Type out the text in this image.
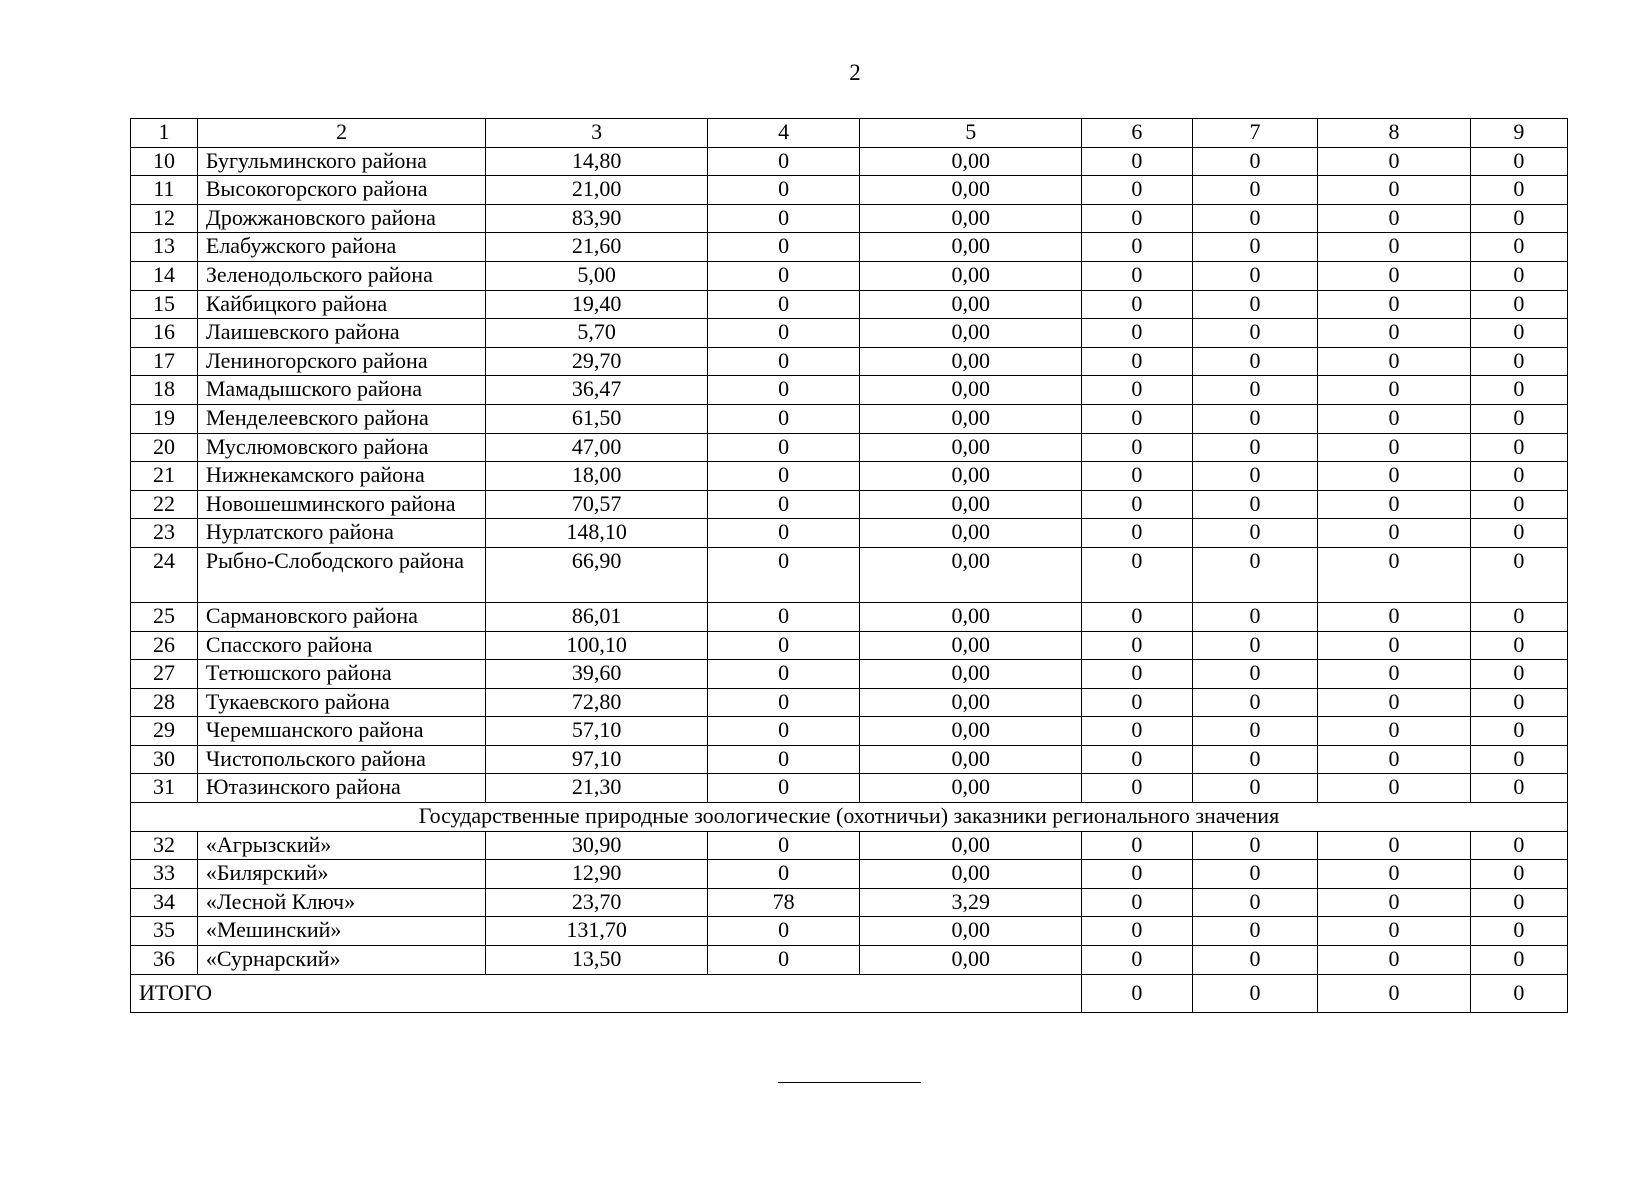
2
1	2	3	4	5	6	7	8	9
10	Бугульминского района	14,80	0	0,00	0	0	0	0
11	Высокогорского района	21,00	0	0,00	0	0	0	0
12	Дрожжановского района	83,90	0	0,00	0	0	0	0
13	Елабужского района	21,60	0	0,00	0	0	0	0
14	Зеленодольского района	5,00	0	0,00	0	0	0	0
15	Кайбицкого района	19,40	0	0,00	0	0	0	0
16	Лаишевского района	5,70	0	0,00	0	0	0	0
17	Лениногорского района	29,70	0	0,00	0	0	0	0
18	Мамадышского района	36,47	0	0,00	0	0	0	0
19	Менделеевского района	61,50	0	0,00	0	0	0	0
20	Муслюмовского района	47,00	0	0,00	0	0	0	0
21	Нижнекамского района	18,00	0	0,00	0	0	0	0
22	Новошешминского района	70,57	0	0,00	0	0	0	0
23	Нурлатского района	148,10	0	0,00	0	0	0	0
24	Рыбно-Слободского района	66,90	0	0,00	0	0	0	0
25	Сармановского района	86,01	0	0,00	0	0	0	0
26	Спасского района	100,10	0	0,00	0	0	0	0
27	Тетюшского района	39,60	0	0,00	0	0	0	0
28	Тукаевского района	72,80	0	0,00	0	0	0	0
29	Черемшанского района	57,10	0	0,00	0	0	0	0
30	Чистопольского района	97,10	0	0,00	0	0	0	0
31	Ютазинского района	21,30	0	0,00	0	0	0	0
Государственные природные зоологические (охотничьи) заказники регионального значения								
32	«Агрызский»	30,90	0	0,00	0	0	0	0
33	«Билярский»	12,90	0	0,00	0	0	0	0
34	«Лесной Ключ»	23,70	78	3,29	0	0	0	0
35	«Мешинский»	131,70	0	0,00	0	0	0	0
36	«Сурнарский»	13,50	0	0,00	0	0	0	0
ИТОГО					0	0	0	0
